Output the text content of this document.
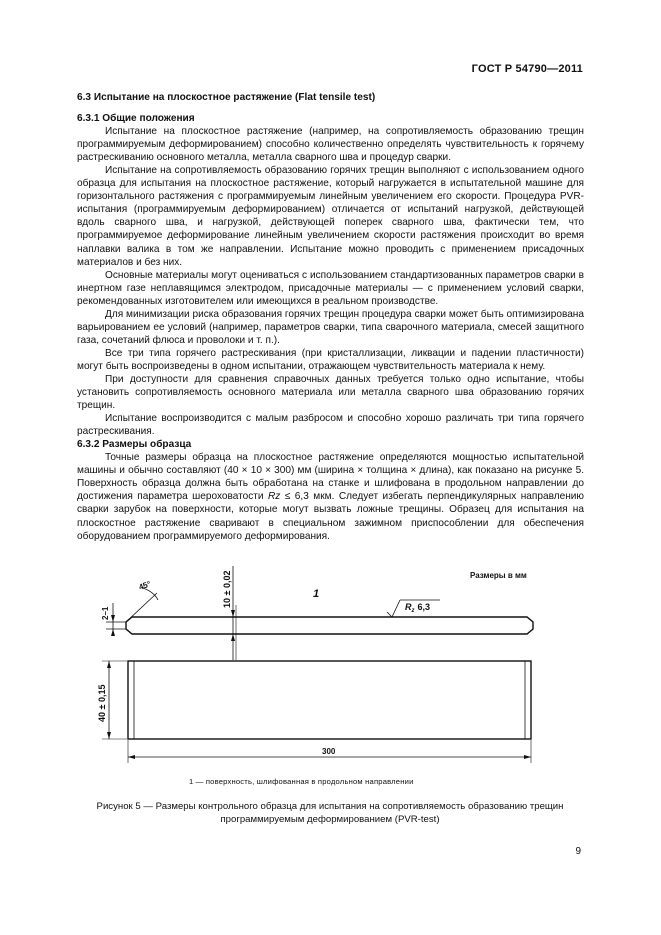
ГОСТ Р 54790—2011

6.3 Испытание на плоскостное растяжение (Flat tensile test)

6.3.1 Общие положения

Испытание на плоскостное растяжение (например, на сопротивляемость образованию трещин программируемым деформированием) способно количественно определять чувствительность к горячему растрескиванию основного металла, металла сварного шва и процедур сварки.

Испытание на сопротивляемость образованию горячих трещин выполняют с использованием одного образца для испытания на плоскостное растяжение, который нагружается в испытательной машине для горизонтального растяжения с программируемым линейным увеличением его скорости. Процедура PVR-испытания (программируемым деформированием) отличается от испытаний нагрузкой, действующей вдоль сварного шва, и нагрузкой, действующей поперек сварного шва, фактически тем, что программируемое деформирование линейным увеличением скорости растяжения происходит во время наплавки валика в том же направлении. Испытание можно проводить с применением присадочных материалов и без них.

Основные материалы могут оцениваться с использованием стандартизованных параметров сварки в инертном газе неплавящимся электродом, присадочные материалы — с применением условий сварки, рекомендованных изготовителем или имеющихся в реальном производстве.

Для минимизации риска образования горячих трещин процедура сварки может быть оптимизирована варьированием ее условий (например, параметров сварки, типа сварочного материала, смесей защитного газа, сочетаний флюса и проволоки и т. п.).

Все три типа горячего растрескивания (при кристаллизации, ликвации и падении пластичности) могут быть воспроизведены в одном испытании, отражающем чувствительность материала к нему.

При доступности для сравнения справочных данных требуется только одно испытание, чтобы установить сопротивляемость основного материала или металла сварного шва образованию горячих трещин.

Испытание воспроизводится с малым разбросом и способно хорошо различать три типа горячего растрескивания.

6.3.2 Размеры образца

Точные размеры образца на плоскостное растяжение определяются мощностью испытательной машины и обычно составляют (40 × 10 × 300) мм (ширина × толщина × длина), как показано на рисунке 5. Поверхность образца должна быть обработана на станке и шлифована в продольном направлении до достижения параметра шероховатости Rz ≤ 6,3 мкм. Следует избегать перпендикулярных направлению сварки зарубок на поверхности, которые могут вызвать ложные трещины. Образец для испытания на плоскостное растяжение сваривают в специальном зажимном приспособлении для обеспечения оборудованием программируемого деформирования.

Размеры в мм
45°
2–1
10 ± 0,02	1
$R_z$ 6,3
40 ± 0,15
300
1 — поверхность, шлифованная в продольном направлении
Рисунок 5 — Размеры контрольного образца для испытания на сопротивляемость образованию трещин
программируемым деформированием (PVR-test)
9
